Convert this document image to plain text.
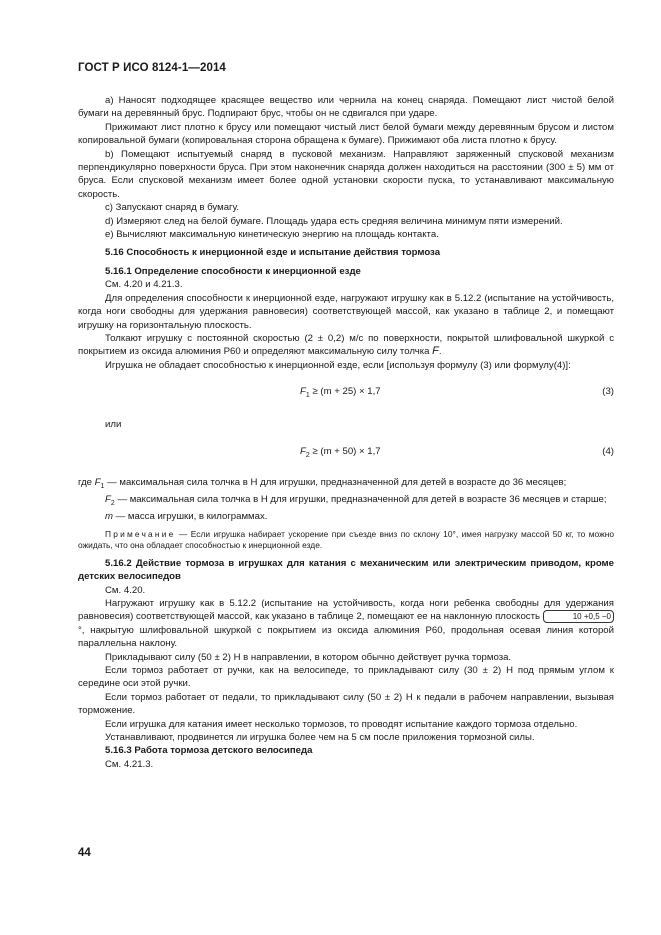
ГОСТ Р ИСО 8124-1—2014

a) Наносят подходящее красящее вещество или чернила на конец снаряда. Помещают лист чистой белой бумаги на деревянный брус. Подпирают брус, чтобы он не сдвигался при ударе.

Прижимают лист плотно к брусу или помещают чистый лист белой бумаги между деревянным брусом и листом копировальной бумаги (копировальная сторона обращена к бумаге). Прижимают оба листа плотно к брусу.

b) Помещают испытуемый снаряд в пусковой механизм. Направляют заряженный спусковой механизм перпендикулярно поверхности бруса. При этом наконечник снаряда должен находиться на расстоянии (300 ± 5) мм от бруса. Если спусковой механизм имеет более одной установки скорости пуска, то устанавливают максимальную скорость.

c) Запускают снаряд в бумагу.

d) Измеряют след на белой бумаге. Площадь удара есть средняя величина минимум пяти измерений.

e) Вычисляют максимальную кинетическую энергию на площадь контакта.

5.16 Способность к инерционной езде и испытание действия тормоза

5.16.1 Определение способности к инерционной езде

См. 4.20 и 4.21.3.

Для определения способности к инерционной езде, нагружают игрушку как в 5.12.2 (испытание на устойчивость, когда ноги свободны для удержания равновесия) соответствующей массой, как указано в таблице 2, и помещают игрушку на горизонтальную плоскость.

Толкают игрушку с постоянной скоростью (2 ± 0,2) м/с по поверхности, покрытой шлифовальной шкуркой с покрытием из оксида алюминия Р60 и определяют максимальную силу толчка F.

Игрушка не обладает способностью к инерционной езде, если [используя формулу (3) или формулу(4)]:

$F_1 \ge (m + 25) \times 1,7$	(3)

или

$F_2 \ge (m + 50) \times 1,7$	(4)

где $F_1$ — максимальная сила толчка в Н для игрушки, предназначенной для детей в возрасте до 36 месяцев;

$F_2$ — максимальная сила толчка в Н для игрушки, предназначенной для детей в возрасте 36 месяцев и старше;

m — масса игрушки, в килограммах.

Примечание — Если игрушка набирает ускорение при съезде вниз по склону 10°, имея нагрузку массой 50 кг, то можно ожидать, что она обладает способностью к инерционной езде.

5.16.2 Действие тормоза в игрушках для катания с механическим или электрическим приводом, кроме детских велосипедов

См. 4.20.

Нагружают игрушку как в 5.12.2 (испытание на устойчивость, когда ноги ребенка свободны для удержания равновесия) соответствующей массой, как указано в таблице 2, помещают ее на наклонную плоскость	10 +0,5 −0°, накрытую шлифовальной шкуркой с покрытием из оксида алюминия Р60, продольная осевая линия которой параллельна наклону.

Прикладывают силу (50 ± 2) Н в направлении, в котором обычно действует ручка тормоза.

Если тормоз работает от ручки, как на велосипеде, то прикладывают силу (30 ± 2) Н под прямым углом к середине оси этой ручки.

Если тормоз работает от педали, то прикладывают силу (50 ± 2) Н к педали в рабочем направлении, вызывая торможение.

Если игрушка для катания имеет несколько тормозов, то проводят испытание каждого тормоза отдельно.

Устанавливают, продвинется ли игрушка более чем на 5 см после приложения тормозной силы.

5.16.3 Работа тормоза детского велосипеда

См. 4.21.3.

44
